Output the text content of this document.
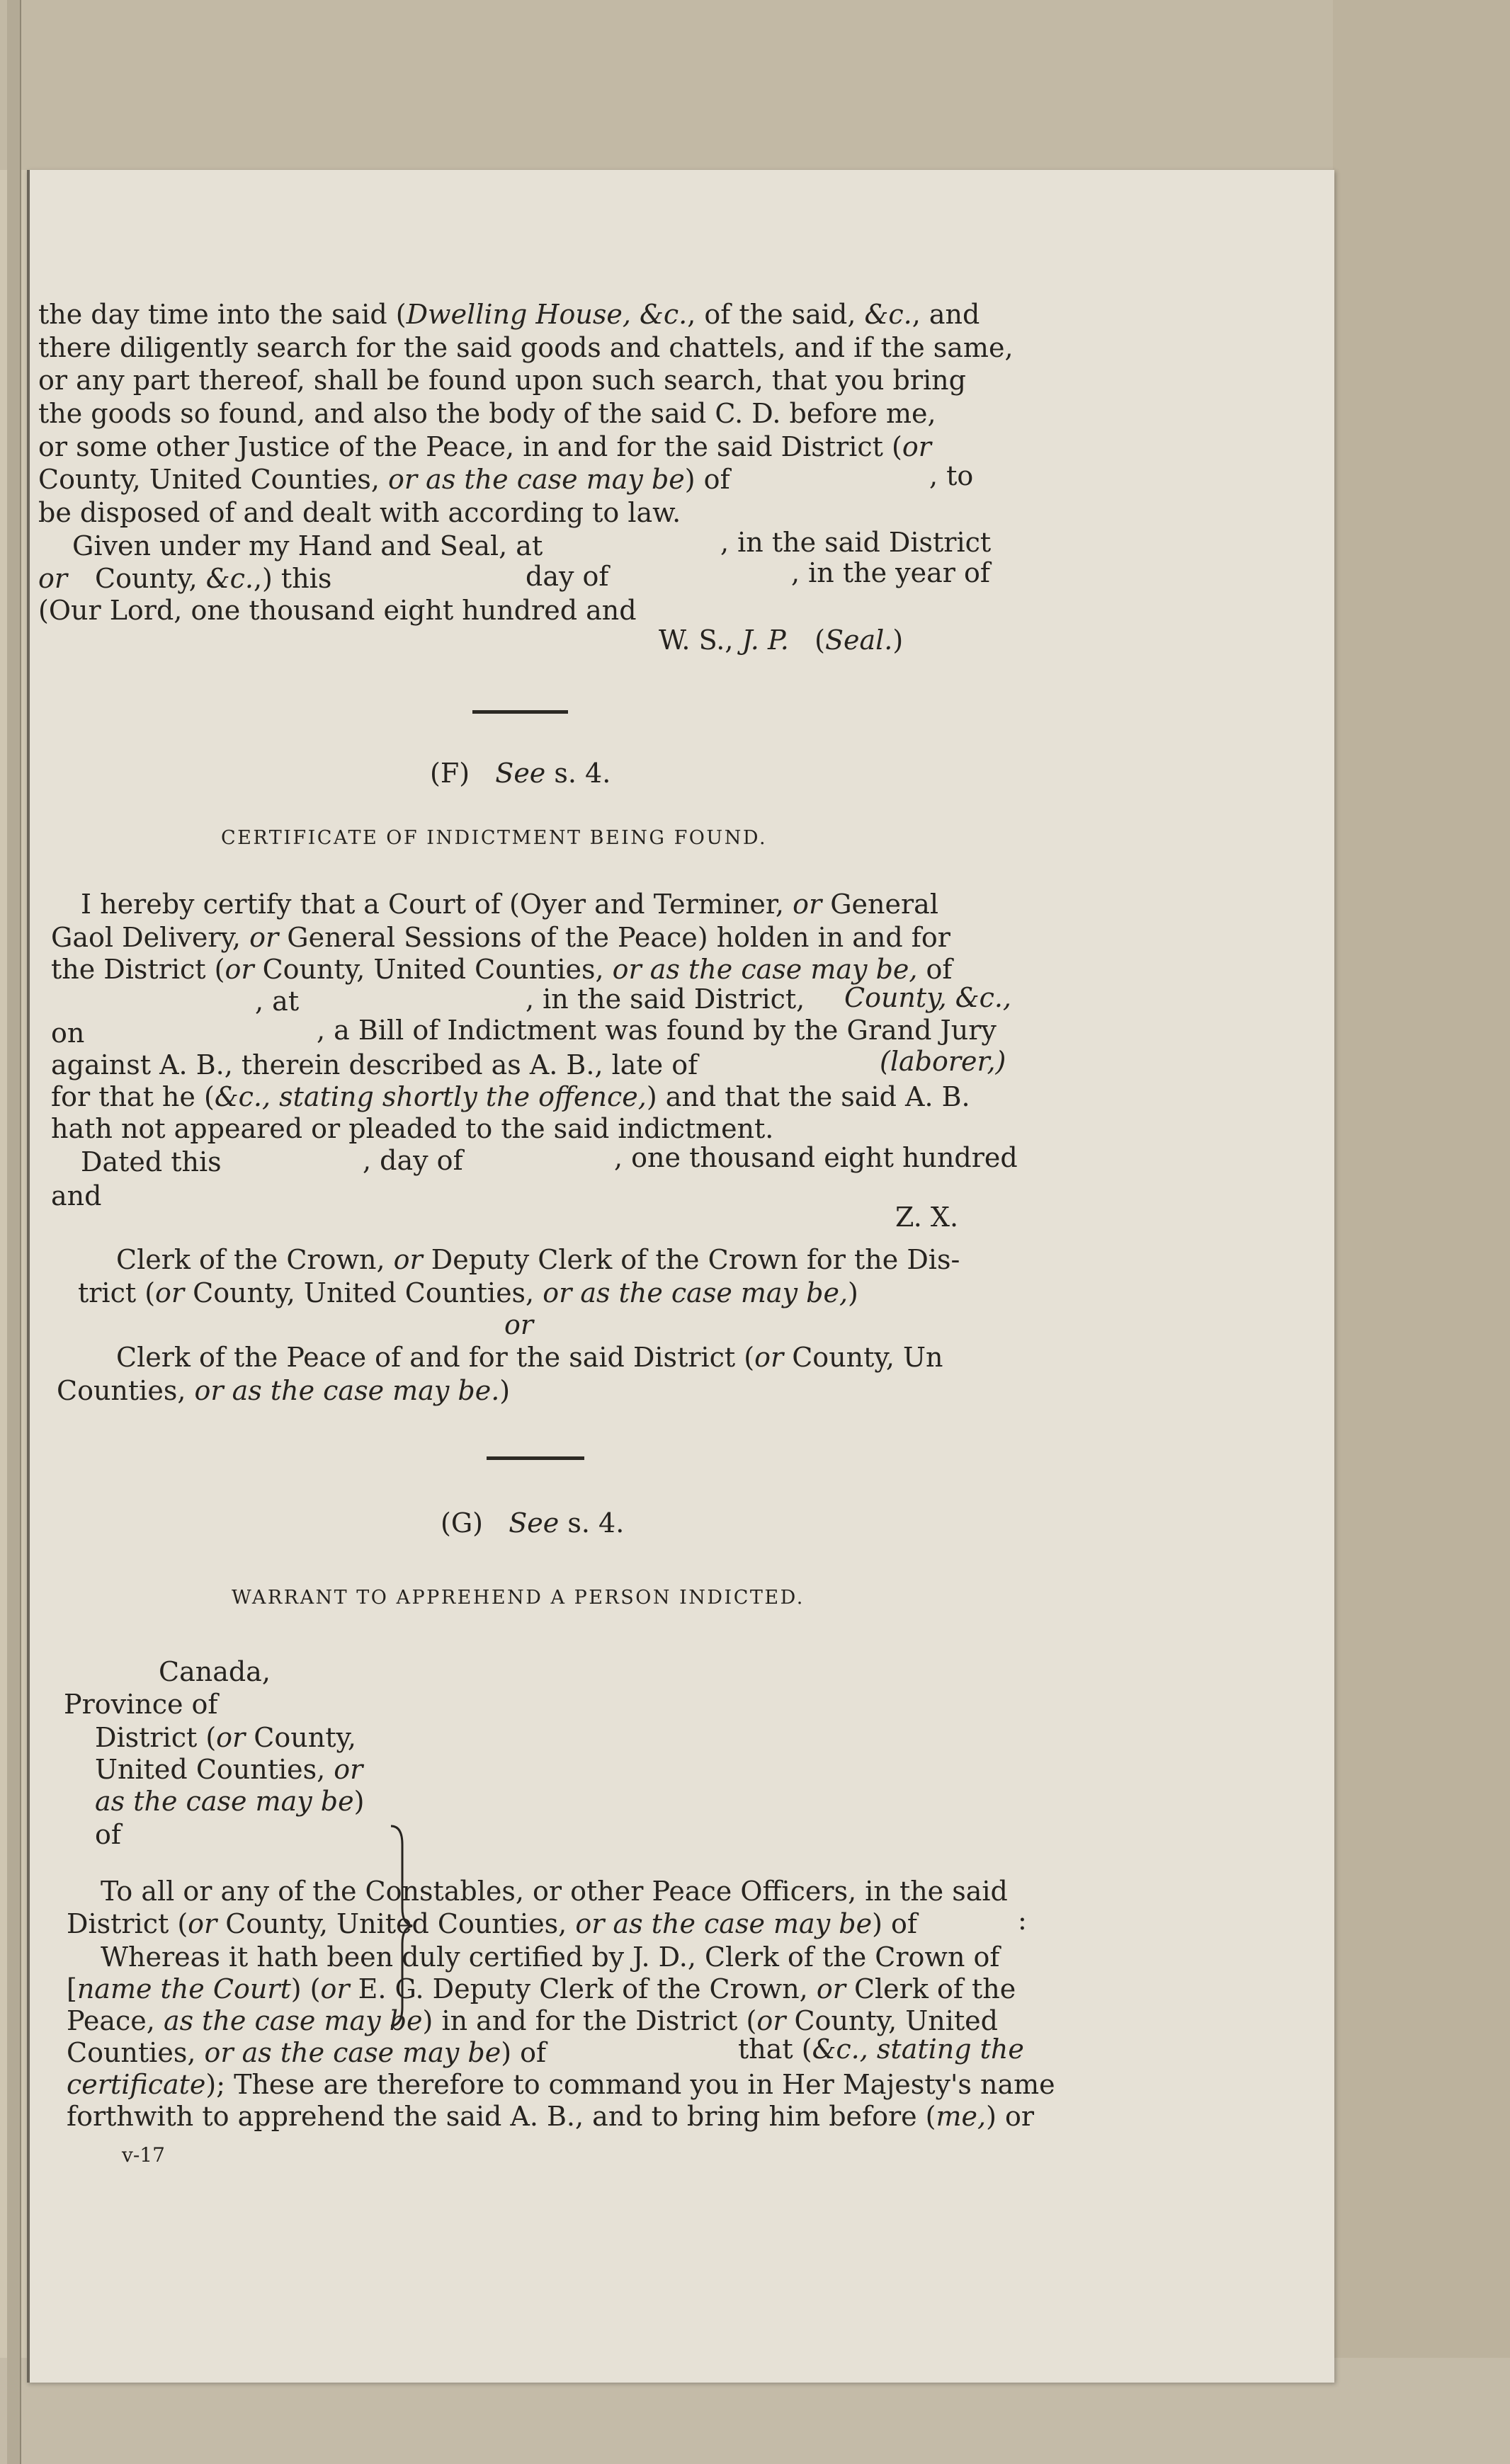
the day time into the said (Dwelling House, &c., of the said, &c., and
there diligently search for the said goods and chattels, and if the same,
or any part thereof, shall be found upon such search, that you bring
the goods so found, and also the body of the said C. D. before me,
or some other Justice of the Peace, in and for the said District (or
County, United Counties, or as the case may be) of	, to
be disposed of and dealt with according to law.
Given under my Hand and Seal, at	, in the said District
or County, &c.,) this	day of	, in the year of
(Our Lord, one thousand eight hundred and
W. S., J. P. (Seal.)
(F) See s. 4.
CERTIFICATE OF INDICTMENT BEING FOUND.
I hereby certify that a Court of (Oyer and Terminer, or General
Gaol Delivery, or General Sessions of the Peace) holden in and for
the District (or County, United Counties, or as the case may be, of
, at	, in the said District, County, &c.,
on	, a Bill of Indictment was found by the Grand Jury
against A. B., therein described as A. B., late of	(laborer,)
for that he (&c., stating shortly the offence,) and that the said A. B.
hath not appeared or pleaded to the said indictment.
Dated this	, day of	, one thousand eight hundred
and
Z. X.
Clerk of the Crown, or Deputy Clerk of the Crown for the Dis-
trict (or County, United Counties, or as the case may be,)
or
Clerk of the Peace of and for the said District (or County, Un
Counties, or as the case may be.)
(G) See s. 4.
WARRANT TO APPREHEND A PERSON INDICTED.
Canada,
Province of
District (or County,
United Counties, or
as the case may be)
of
To all or any of the Constables, or other Peace Officers, in the said
District (or County, United Counties, or as the case may be) of	:
Whereas it hath been duly certified by J. D., Clerk of the Crown of
[name the Court) (or E. G. Deputy Clerk of the Crown, or Clerk of the
Peace, as the case may be) in and for the District (or County, United
Counties, or as the case may be) of	that (&c., stating the
certificate); These are therefore to command you in Her Majesty's name
forthwith to apprehend the said A. B., and to bring him before (me,) or
v-17
